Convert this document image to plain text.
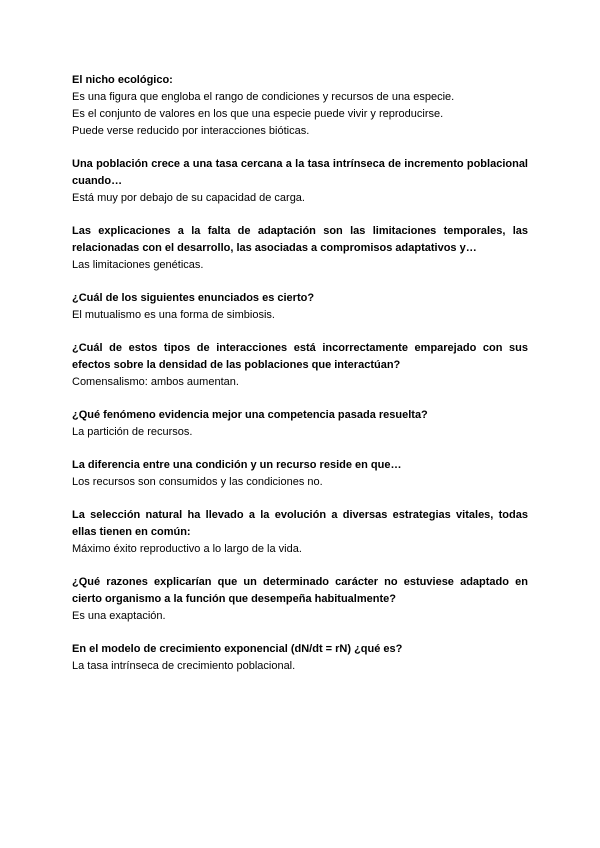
El nicho ecológico:

Es una figura que engloba el rango de condiciones y recursos de una especie.

Es el conjunto de valores en los que una especie puede vivir y reproducirse.

Puede verse reducido por interacciones bióticas.

Una población crece a una tasa cercana a la tasa intrínseca de incremento poblacional cuando…

Está muy por debajo de su capacidad de carga.

Las explicaciones a la falta de adaptación son las limitaciones temporales, las relacionadas con el desarrollo, las asociadas a compromisos adaptativos y…

Las limitaciones genéticas.

¿Cuál de los siguientes enunciados es cierto?

El mutualismo es una forma de simbiosis.

¿Cuál de estos tipos de interacciones está incorrectamente emparejado con sus efectos sobre la densidad de las poblaciones que interactúan?

Comensalismo: ambos aumentan.

¿Qué fenómeno evidencia mejor una competencia pasada resuelta?

La partición de recursos.

La diferencia entre una condición y un recurso reside en que…

Los recursos son consumidos y las condiciones no.

La selección natural ha llevado a la evolución a diversas estrategias vitales, todas ellas tienen en común:

Máximo éxito reproductivo a lo largo de la vida.

¿Qué razones explicarían que un determinado carácter no estuviese adaptado en cierto organismo a la función que desempeña habitualmente?

Es una exaptación.

En el modelo de crecimiento exponencial (dN/dt = rN) ¿qué es?

La tasa intrínseca de crecimiento poblacional.
